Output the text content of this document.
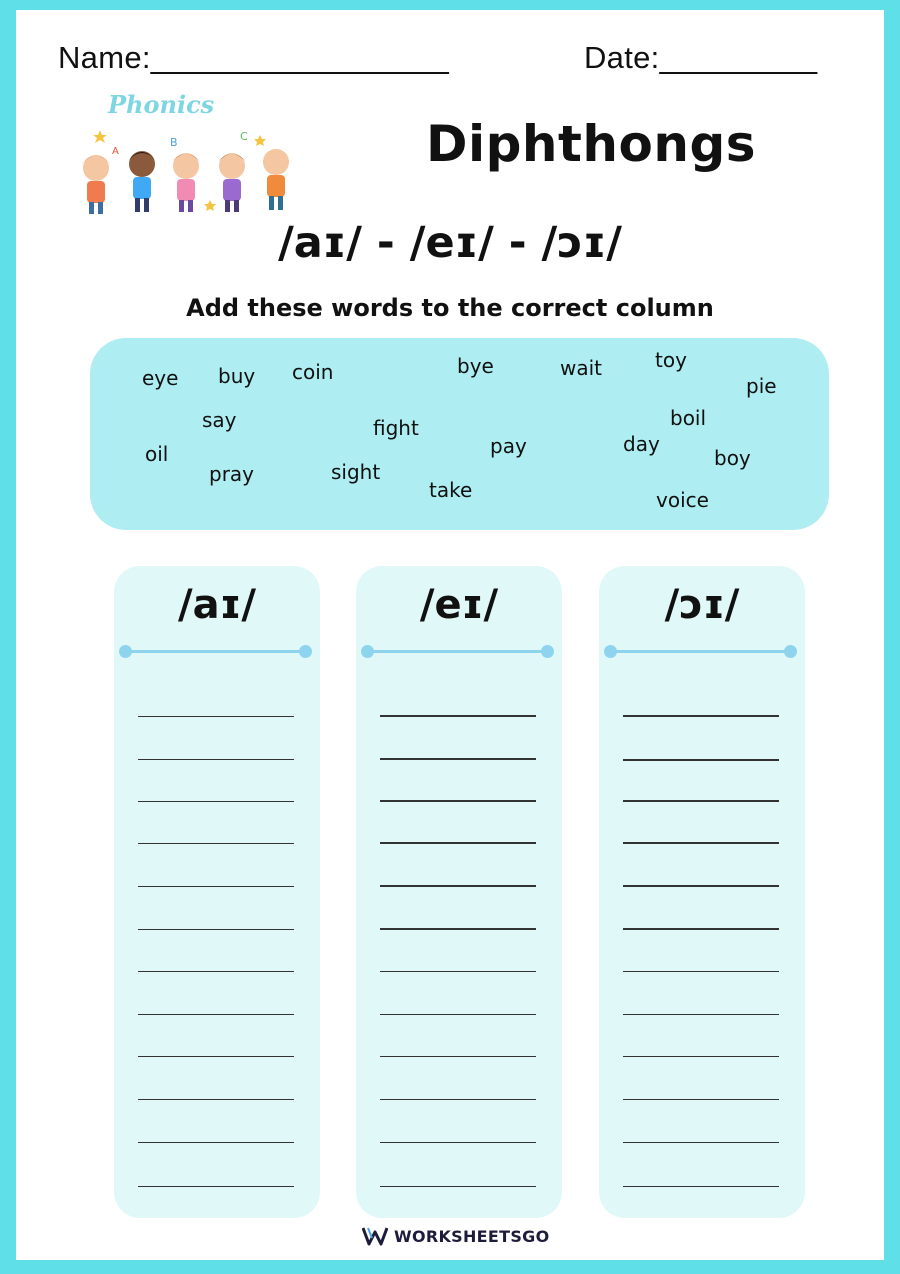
Name:_________________	Date:_________
Phonics
B	C
A	Diphthongs
/aɪ/ - /eɪ/ - /ɔɪ/
Add these words to the correct column
eye buy coin	bye	wait	toy
pie
say	fight	boil
oil	pay	day
boy
pray	sight
take	voice
/aɪ/	/eɪ/	/ɔɪ/
WORKSHEETSGO
